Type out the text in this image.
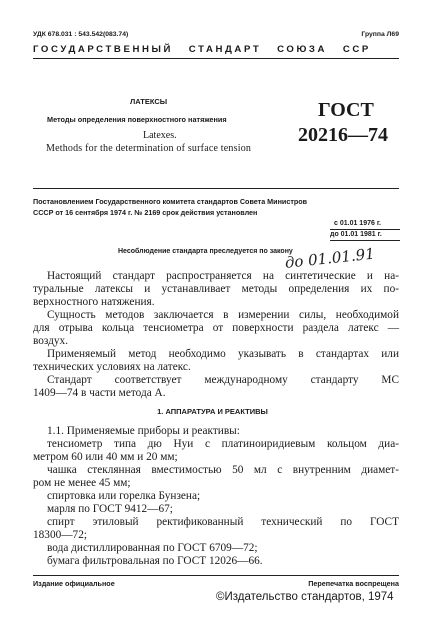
УДК 678.031 : 543.542(083.74)	Группа Л69
ГОСУДАРСТВЕННЫЙ   СТАНДАРТ   СОЮЗА   ССР
ЛАТЕКСЫ
Методы определения поверхностного натяжения
Latexes.
Methods for the determination of surface tension
ГОСТ
20216—74
Постановлением Государственного комитета стандартов Совета Министров
СССР от 16 сентября 1974 г. № 2169 срок действия установлен
с 01.01 1976 г.
до 01.01 1981 г.
Несоблюдение стандарта преследуется по закону
до 01.01.91
Настоящий стандарт распространяется на синтетические и на-
туральные латексы и устанавливает методы определения их по-
верхностного натяжения.
Сущность методов заключается в измерении силы, необходимой
для отрыва кольца тенсиометра от поверхности раздела латекс —
воздух.
Применяемый метод необходимо указывать в стандартах или
технических условиях на латекс.
Стандарт соответствует международному стандарту МС
1409—74 в части метода А.
1. АППАРАТУРА И РЕАКТИВЫ
1.1. Применяемые приборы и реактивы:
тенсиометр типа дю Нуи с платиноиридиевым кольцом диа-
метром 60 или 40 мм и 20 мм;
чашка стеклянная вместимостью 50 мл с внутренним диамет-
ром не менее 45 мм;
спиртовка или горелка Бунзена;
марля по ГОСТ 9412—67;
спирт этиловый ректификованный технический по ГОСТ
18300—72;
вода дистиллированная по ГОСТ 6709—72;
бумага фильтровальная по ГОСТ 12026—66.
Издание официальное	Перепечатка воспрещена
©Издательство стандартов, 1974
